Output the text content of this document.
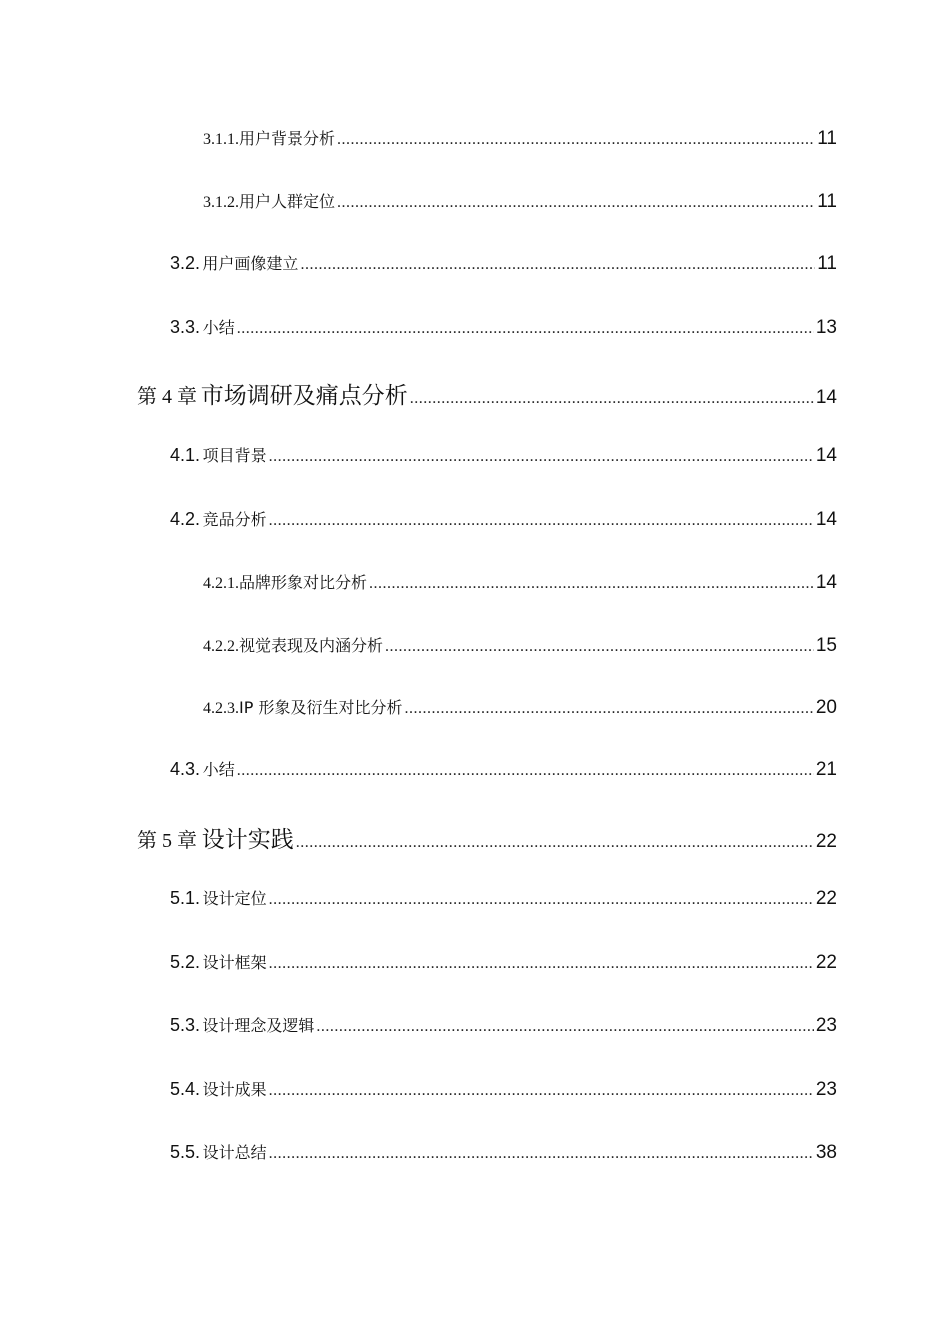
3.1.1. 用户背景分析 .....	11
3.1.2. 用户人群定位 .....	11
3.2. 用户画像建立 .....	11
3.3. 小结 .....	13
第 4 章 市场调研及痛点分析 .....	14
4.1. 项目背景 .....	14
4.2. 竞品分析 .....	14
4.2.1. 品牌形象对比分析 .....	14
4.2.2. 视觉表现及内涵分析 .....	15
4.2.3. IP 形象及衍生对比分析 .....	20
4.3. 小结 .....	21
第 5 章 设计实践 .....	22
5.1. 设计定位 .....	22
5.2. 设计框架 .....	22
5.3. 设计理念及逻辑 .....	23
5.4. 设计成果 .....	23
5.5. 设计总结 .....	38
